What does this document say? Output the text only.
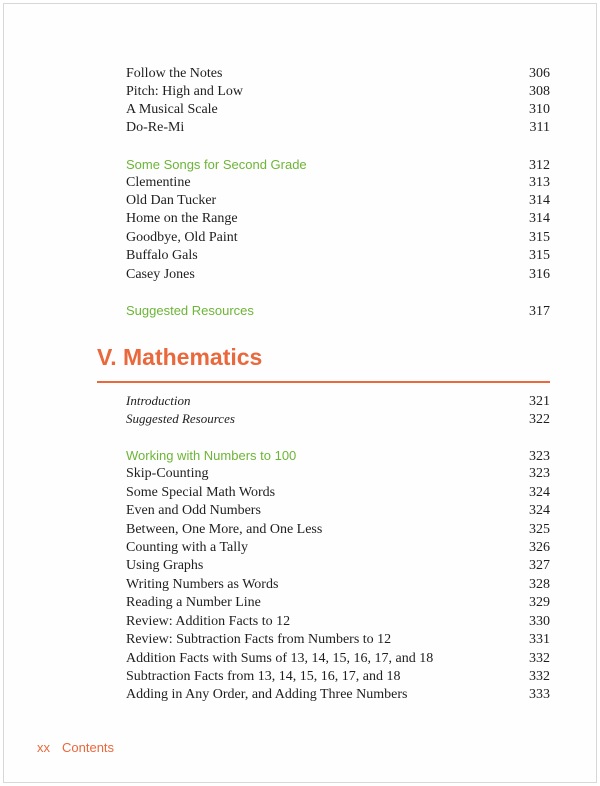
Follow the Notes	306
Pitch: High and Low	308
A Musical Scale	310
Do-Re-Mi	311
Some Songs for Second Grade	312
Clementine	313
Old Dan Tucker	314
Home on the Range	314
Goodbye, Old Paint	315
Buffalo Gals	315
Casey Jones	316
Suggested Resources	317
V. Mathematics
Introduction	321
Suggested Resources	322
Working with Numbers to 100	323
Skip-Counting	323
Some Special Math Words	324
Even and Odd Numbers	324
Between, One More, and One Less	325
Counting with a Tally	326
Using Graphs	327
Writing Numbers as Words	328
Reading a Number Line	329
Review: Addition Facts to 12	330
Review: Subtraction Facts from Numbers to 12	331
Addition Facts with Sums of 13, 14, 15, 16, 17, and 18	332
Subtraction Facts from 13, 14, 15, 16, 17, and 18	332
Adding in Any Order, and Adding Three Numbers	333
xx Contents
